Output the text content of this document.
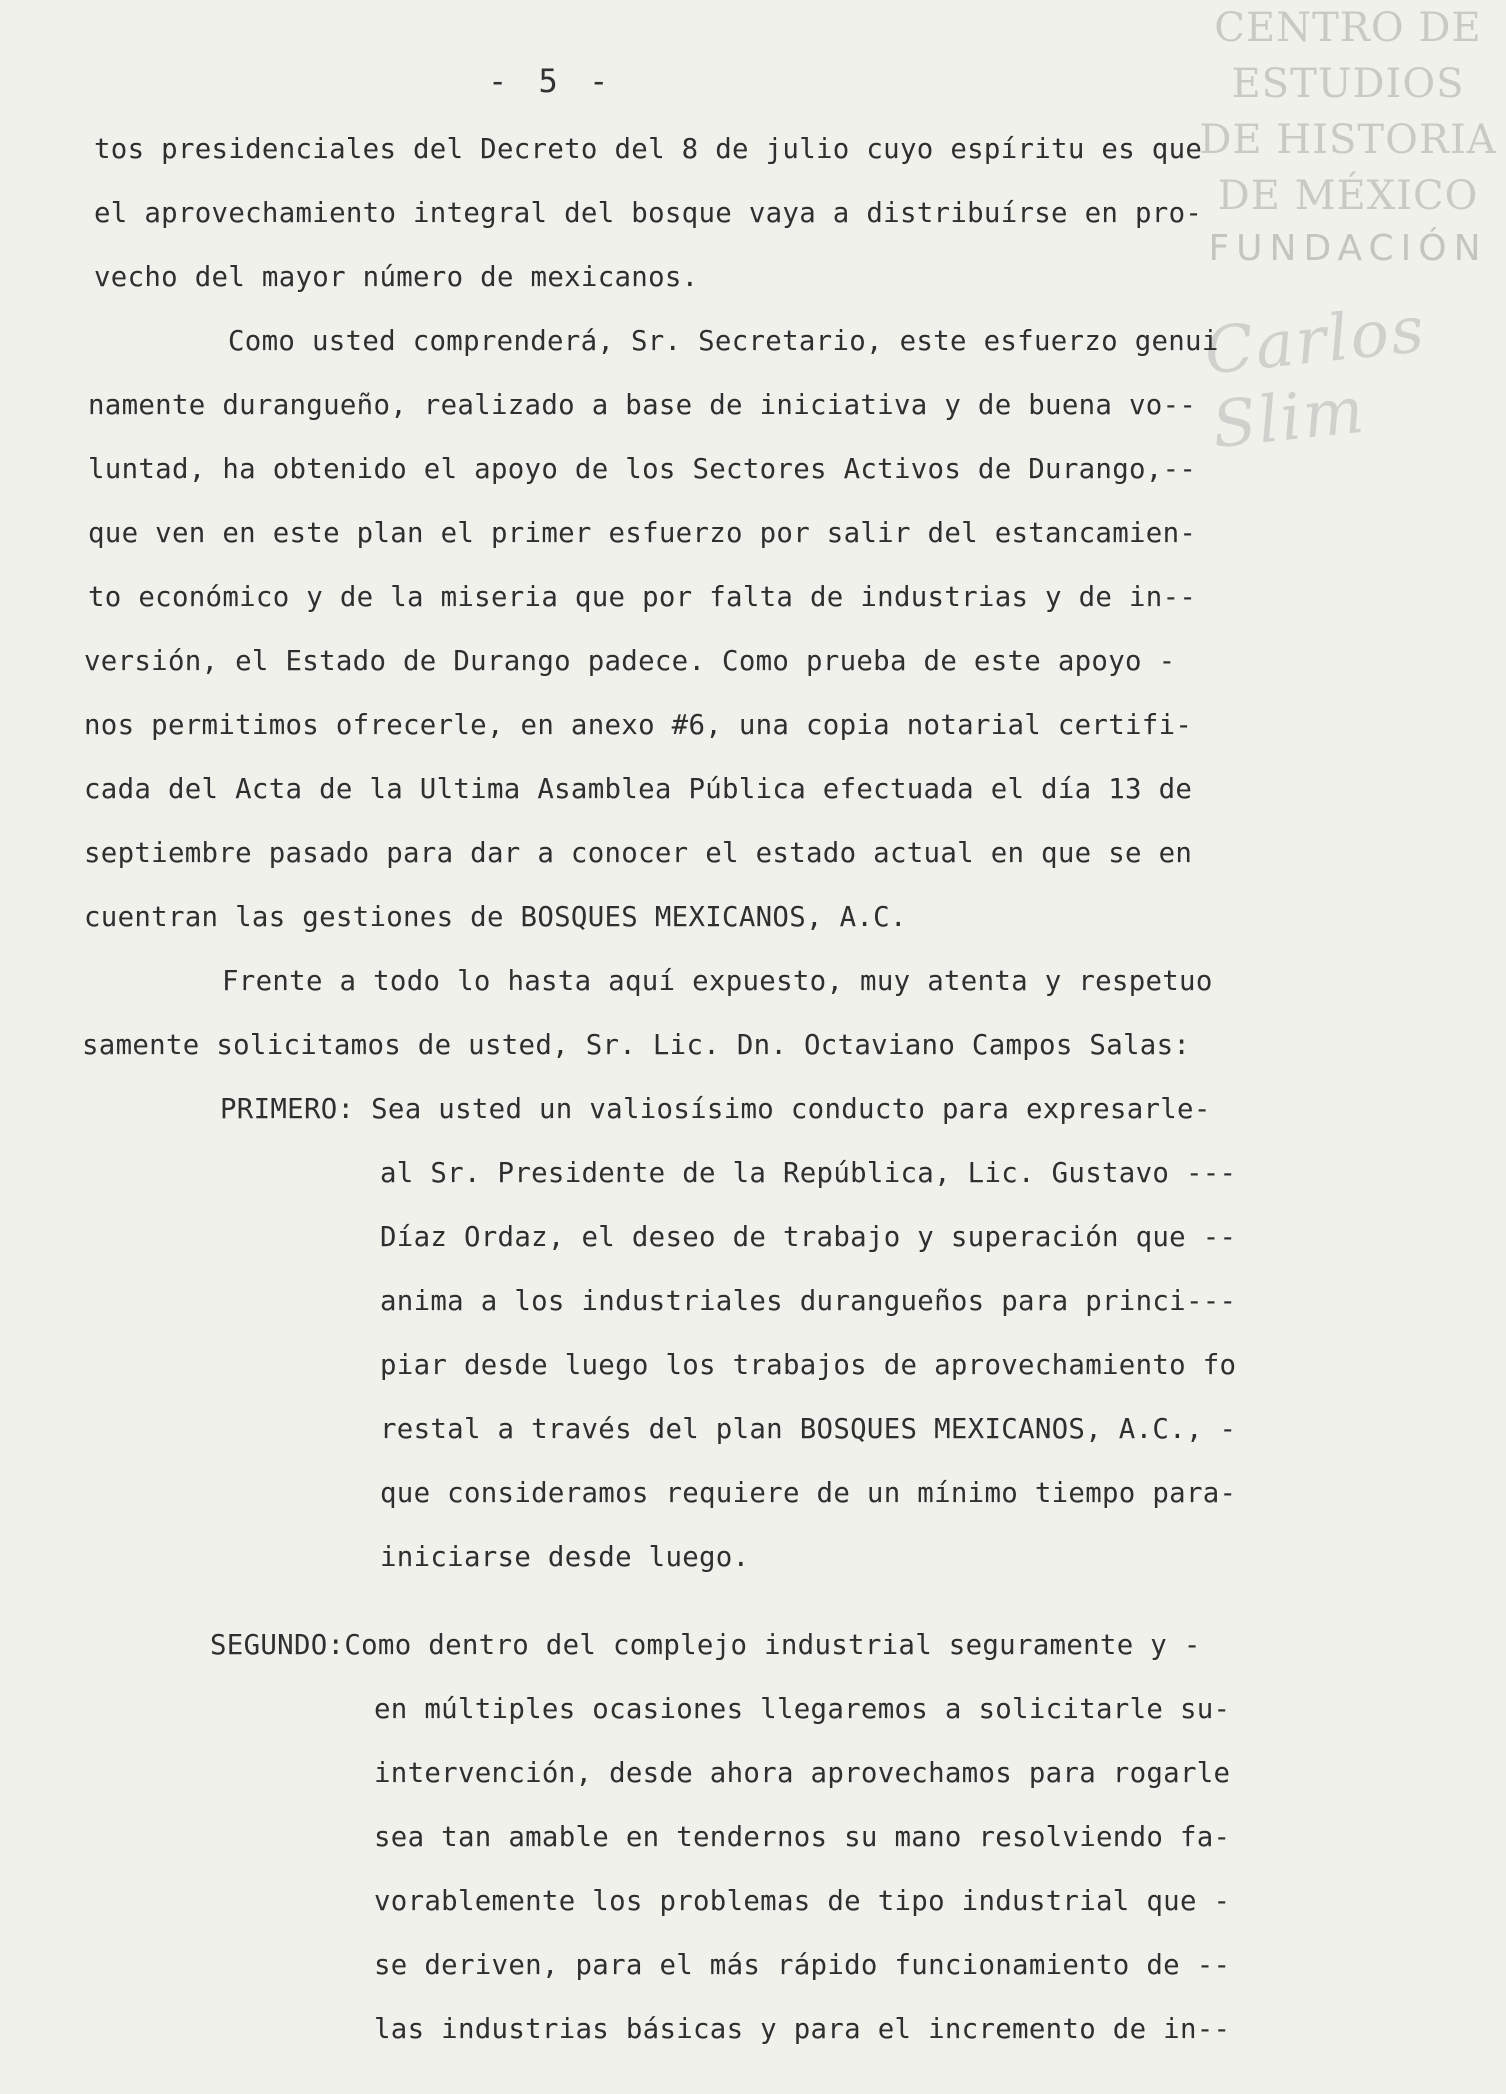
CENTRO DE
ESTUDIOS
DE HISTORIA
DE MÉXICO
FUNDACIÓN
Carlos Slim
- 5 -
tos presidenciales del Decreto del 8 de julio cuyo espíritu es que
el aprovechamiento integral del bosque vaya a distribuírse en pro-
vecho del mayor número de mexicanos.
Como usted comprenderá, Sr. Secretario, este esfuerzo genui
namente duranguеño, realizado a base de iniciativa y de buena vo--
luntad, ha obtenido el apoyo de los Sectores Activos de Durango,--
que ven en este plan el primer esfuerzo por salir del estancamien-
to económico y de la miseria que por falta de industrias y de in--
versión, el Estado de Durango padece. Como prueba de este apoyo -
nos permitimos ofrecerle, en anexo #6, una copia notarial certifi-
cada del Acta de la Ultima Asamblea Pública efectuada el día 13 de
septiembre pasado para dar a conocer el estado actual en que se en
cuentran las gestiones de BOSQUES MEXICANOS, A.C.
Frente a todo lo hasta aquí expuesto, muy atenta y respetuo
samente solicitamos de usted, Sr. Lic. Dn. Octaviano Campos Salas:
PRIMERO: Sea usted un valiosísimo conducto para expresarle-
al Sr. Presidente de la República, Lic. Gustavo ---
Díaz Ordaz, el deseo de trabajo y superación que --
anima a los industriales duranguеños para princi---
piar desde luego los trabajos de aprovechamiento fo
restal a través del plan BOSQUES MEXICANOS, A.C., -
que consideramos requiere de un mínimo tiempo para-
iniciarse desde luego.
SEGUNDO:Como dentro del complejo industrial seguramente y -
en múltiples ocasiones llegaremos a solicitarle su-
intervención, desde ahora aprovechamos para rogarle
sea tan amable en tendernos su mano resolviendo fa-
vorablemente los problemas de tipo industrial que -
se deriven, para el más rápido funcionamiento de --
las industrias básicas y para el incremento de in--
